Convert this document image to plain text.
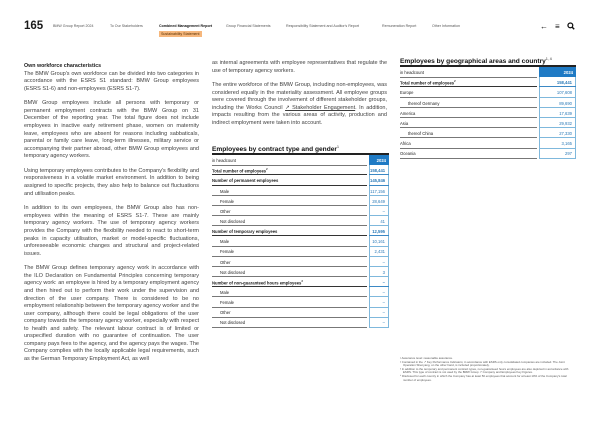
165	BMW Group Report 2024	To Our Stakeholders	Combined Management Report	Group Financial Statements	Responsibility Statement and Auditor's Report	Remuneration Report	Other Information
Sustainability Statement
← ≡
Own workforce characteristics

The BMW Group's own workforce can be divided into two categories in accordance with the ESRS S1 standard: BMW Group employees (ESRS S1-6) and non-employees (ESRS S1-7).

BMW Group employees include all persons with temporary or permanent employment contracts with the BMW Group on 31 December of the reporting year. The total figure does not include employees in inactive early retirement phase, women on maternity leave, employees who are absent for reasons including sabbaticals, parental or family care leave, long-term illnesses, military service or accompanying their partner abroad, other BMW Group employees and temporary agency workers.

Using temporary employees contributes to the Company's flexibility and responsiveness in a volatile market environment. In addition to being assigned to specific projects, they also help to balance out fluctuations and utilisation peaks.

In addition to its own employees, the BMW Group also has non-employees within the meaning of ESRS S1-7. These are mainly temporary agency workers. The use of temporary agency workers provides the Company with the flexibility needed to react to short-term peaks in capacity utilisation, market or model-specific fluctuations, unforeseeable economic changes and structural and project-related issues.

The BMW Group defines temporary agency work in accordance with the ILO Declaration on Fundamental Principles concerning temporary agency work: an employee is hired by a temporary employment agency and then hired out to perform their work under the supervision and direction of the user company. There is considered to be no employment relationship between the temporary agency worker and the user company, although there could be legal obligations of the user company towards the temporary agency worker, especially with respect to health and safety. The relevant labour contract is of limited or unspecified duration with no guarantee of continuation. The user company pays fees to the agency, and the agency pays the wages. The Company complies with the locally applicable legal requirements, such as the German Temporary Employment Act, as well

as internal agreements with employee representatives that regulate the use of temporary agency workers.

The entire workforce of the BMW Group, including non-employees, was considered equally in the materiality assessment. All employee groups were covered through the involvement of different stakeholder groups, including the Works Council ↗ Stakeholder Engagement. In addition, impacts resulting from the various areas of activity, production and indirect employment were taken into account.

Employees by contract type and gender$^1$
in headcount	2024
Total number of employees$^2$	158,441
Number of permanent employees	145,846
Male	117,156
Female	28,649
Other	–
Not disclosed	41
Number of temporary employees	12,595
Male	10,161
Female	2,431
Other	–
Not disclosed	3
Number of non-guaranteed hours employees$^3$	–
Male	–
Female	–
Other	–
Not disclosed	–
Employees by geographical areas and country$^{1, 4}$
in headcount	2024
Total number of employees$^2$	158,441
Europe	107,608
thereof Germany	89,690
America	17,639
Asia	29,932
thereof China	27,330
Africa	3,165
Oceania	297
¹ Assurance level: reasonable assurance.
² Contained in the ↗ Key Performance Indicators; in accordance with ESRS only consolidated companies are included. The Joint Operation Shenyang, on the other hand, is included proportionately.
³ In addition to the temporary and permanent contract types, non-guaranteed hours employees are also depicted in accordance with ESRS. This type of contract is not used by the BMW Group ↗ Company and Employees Key Figures.
⁴ Disclosed for each country in which the Company has at least 50 employees that account for at least 10% of the Company's total number of employees.
